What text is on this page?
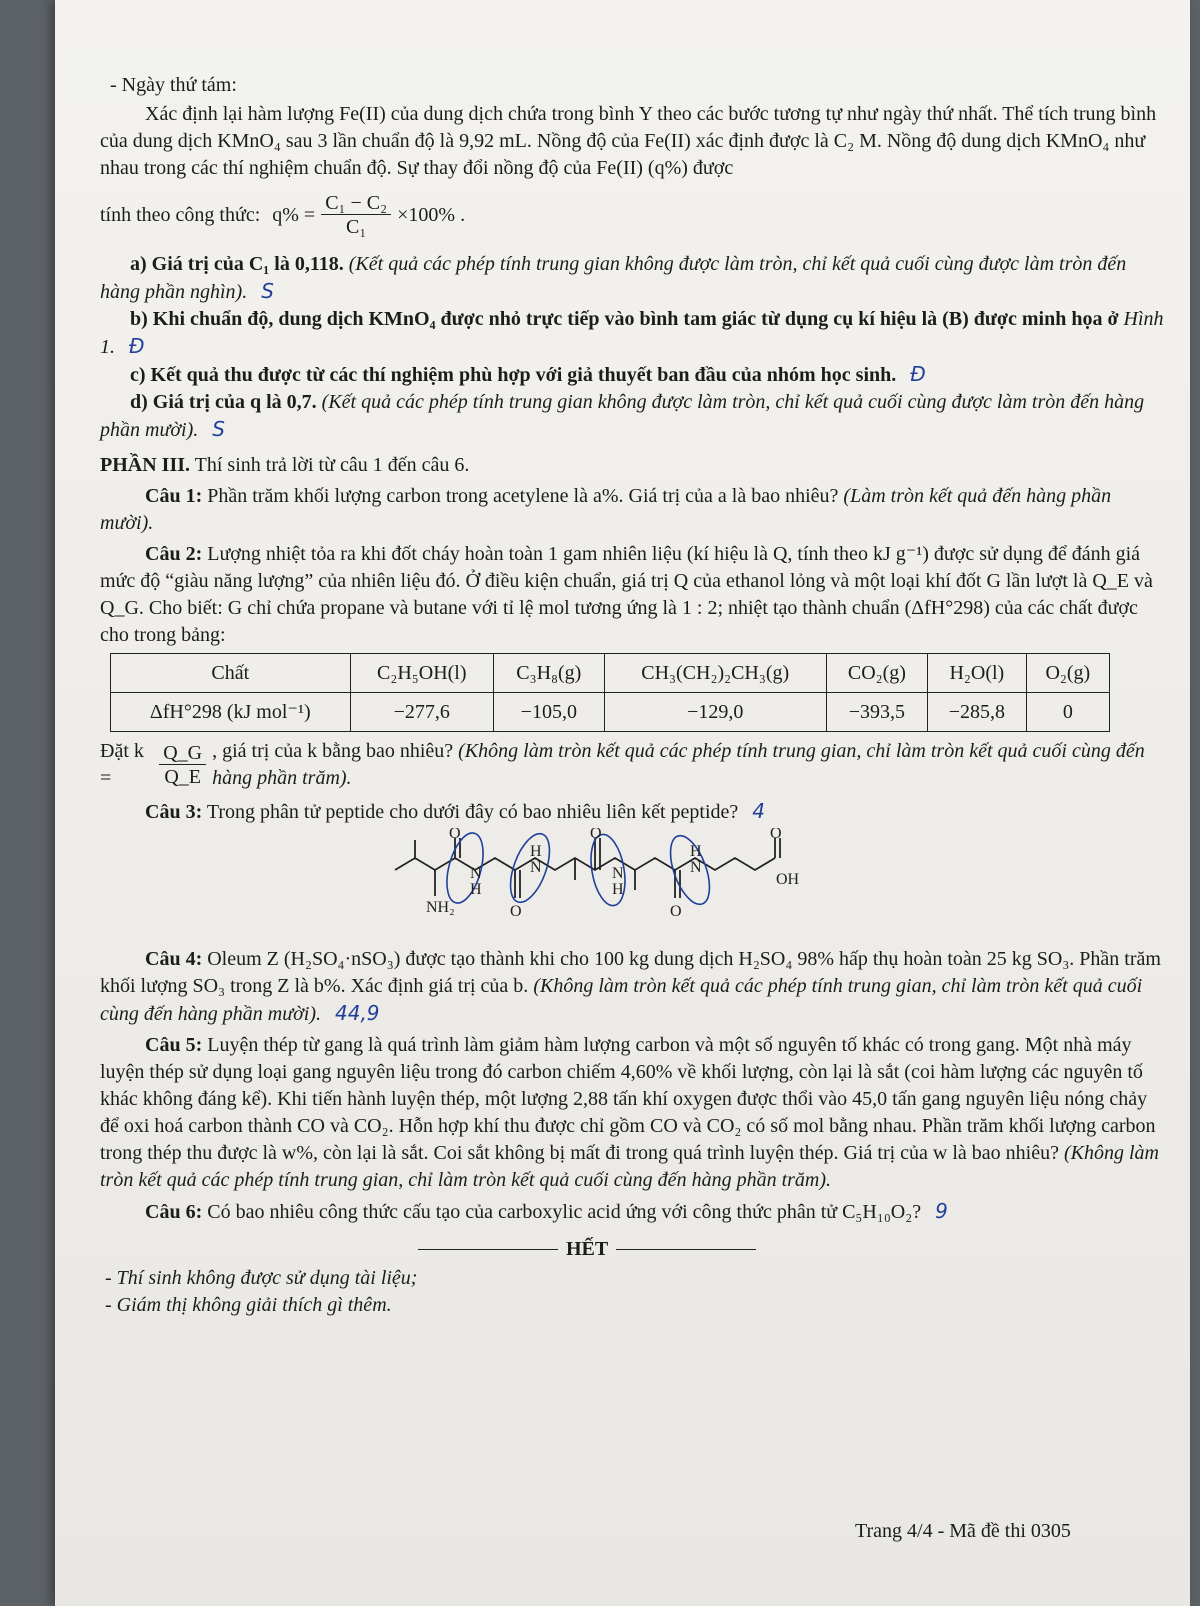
- Ngày thứ tám:

Xác định lại hàm lượng Fe(II) của dung dịch chứa trong bình Y theo các bước tương tự như ngày thứ nhất. Thể tích trung bình của dung dịch KMnO₄ sau 3 lần chuẩn độ là 9,92 mL. Nồng độ của Fe(II) xác định được là C₂ M. Nồng độ dung dịch KMnO₄ như nhau trong các thí nghiệm chuẩn độ. Sự thay đổi nồng độ của Fe(II) (q%) được

tính theo công thức: $q\% = \frac{\text{C₁ − C₂}}{\text{C₁}} \times 100\%$ .

a) Giá trị của C₁ là 0,118. (Kết quả các phép tính trung gian không được làm tròn, chỉ kết quả cuối cùng được làm tròn đến hàng phần nghìn). S

b) Khi chuẩn độ, dung dịch KMnO₄ được nhỏ trực tiếp vào bình tam giác từ dụng cụ kí hiệu là (B) được minh họa ở Hình 1. Đ

c) Kết quả thu được từ các thí nghiệm phù hợp với giả thuyết ban đầu của nhóm học sinh. Đ

d) Giá trị của q là 0,7. (Kết quả các phép tính trung gian không được làm tròn, chỉ kết quả cuối cùng được làm tròn đến hàng phần mười). S

PHẦN III. Thí sinh trả lời từ câu 1 đến câu 6.

Câu 1: Phần trăm khối lượng carbon trong acetylene là a%. Giá trị của a là bao nhiêu? (Làm tròn kết quả đến hàng phần mười).

Câu 2: Lượng nhiệt tỏa ra khi đốt cháy hoàn toàn 1 gam nhiên liệu (kí hiệu là Q, tính theo kJ g⁻¹) được sử dụng để đánh giá mức độ “giàu năng lượng” của nhiên liệu đó. Ở điều kiện chuẩn, giá trị Q của ethanol lỏng và một loại khí đốt G lần lượt là Q_E và Q_G. Cho biết: G chỉ chứa propane và butane với tỉ lệ mol tương ứng là 1 : 2; nhiệt tạo thành chuẩn (ΔfH°298) của các chất được cho trong bảng:

Chất	C₂H₅OH(l)	C₃H₈(g)	CH₃(CH₂)₂CH₃(g)	CO₂(g)	H₂O(l)	O₂(g)
ΔfH°298 (kJ mol⁻¹)	−277,6	−105,0	−129,0	−393,5	−285,8	0
Đặt k =	$\frac{Q\_G}{Q\_E}$ , giá trị của k bằng bao nhiêu? (Không làm tròn kết quả các phép tính trung gian, chỉ làm tròn kết quả cuối cùng đến hàng phần trăm).

Câu 3: Trong phân tử peptide cho dưới đây có bao nhiêu liên kết peptide? 4

NH₂
O
N
H
O
H
N
O
N
H
O
H
N
O
OH

Câu 4: Oleum Z (H₂SO₄·nSO₃) được tạo thành khi cho 100 kg dung dịch H₂SO₄ 98% hấp thụ hoàn toàn 25 kg SO₃. Phần trăm khối lượng SO₃ trong Z là b%. Xác định giá trị của b. (Không làm tròn kết quả các phép tính trung gian, chỉ làm tròn kết quả cuối cùng đến hàng phần mười). 44,9

Câu 5: Luyện thép từ gang là quá trình làm giảm hàm lượng carbon và một số nguyên tố khác có trong gang. Một nhà máy luyện thép sử dụng loại gang nguyên liệu trong đó carbon chiếm 4,60% về khối lượng, còn lại là sắt (coi hàm lượng các nguyên tố khác không đáng kể). Khi tiến hành luyện thép, một lượng 2,88 tấn khí oxygen được thổi vào 45,0 tấn gang nguyên liệu nóng chảy để oxi hoá carbon thành CO và CO₂. Hỗn hợp khí thu được chỉ gồm CO và CO₂ có số mol bằng nhau. Phần trăm khối lượng carbon trong thép thu được là w%, còn lại là sắt. Coi sắt không bị mất đi trong quá trình luyện thép. Giá trị của w là bao nhiêu? (Không làm tròn kết quả các phép tính trung gian, chỉ làm tròn kết quả cuối cùng đến hàng phần trăm).

Câu 6: Có bao nhiêu công thức cấu tạo của carboxylic acid ứng với công thức phân tử C₅H₁₀O₂? 9

HẾT

- Thí sinh không được sử dụng tài liệu;

- Giám thị không giải thích gì thêm.

Trang 4/4 - Mã đề thi 0305
